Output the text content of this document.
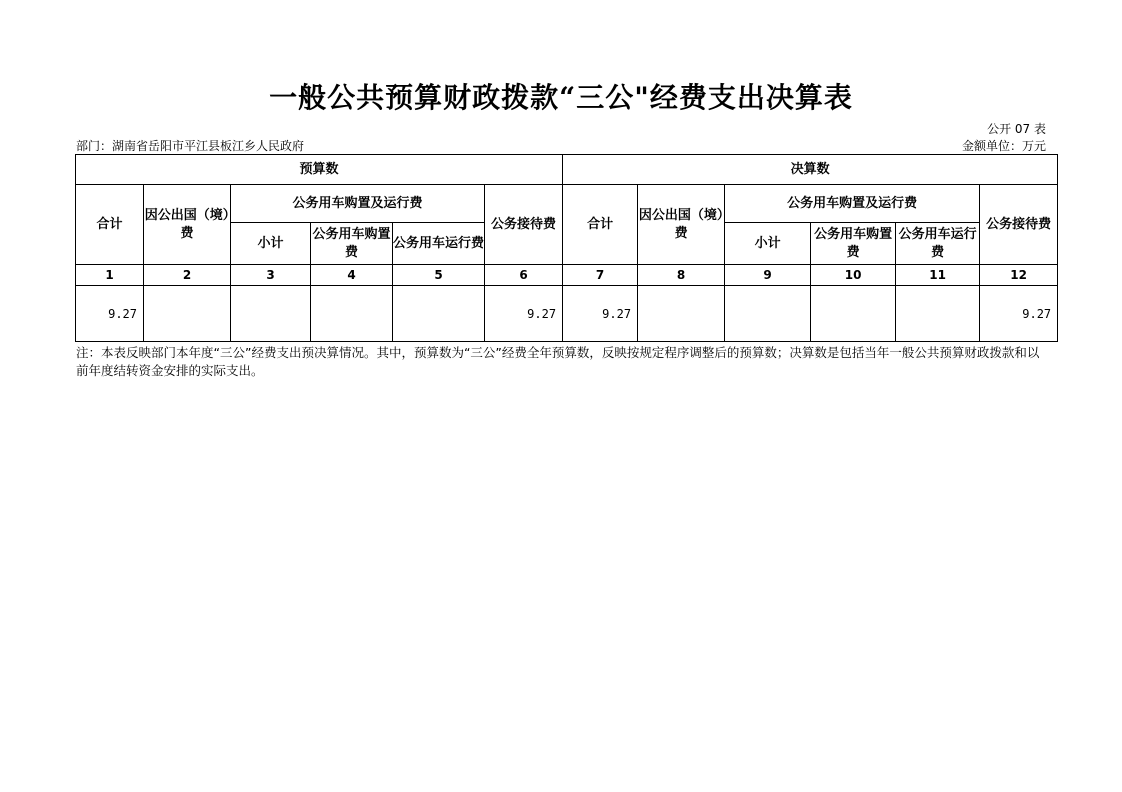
一般公共预算财政拨款“三公"经费支出决算表
公开 07 表
部门：湖南省岳阳市平江县板江乡人民政府	金额单位：万元
预算数						决算数					
合计	因公出国（境）费	公务用车购置及运行费			公务接待费	合计	因公出国（境）费	公务用车购置及运行费			公务接待费
		小计	公务用车购置费	公务用车运行费				小计	公务用车购置费	公务用车运行费	
1	2	3	4	5	6	7	8	9	10	11	12
9.27					9.27	9.27					9.27
注：本表反映部门本年度“三公”经费支出预决算情况。其中，预算数为“三公”经费全年预算数，反映按规定程序调整后的预算数；决算数是包括当年一般公共预算财政拨款和以前年度结转资金安排的实际支出。
